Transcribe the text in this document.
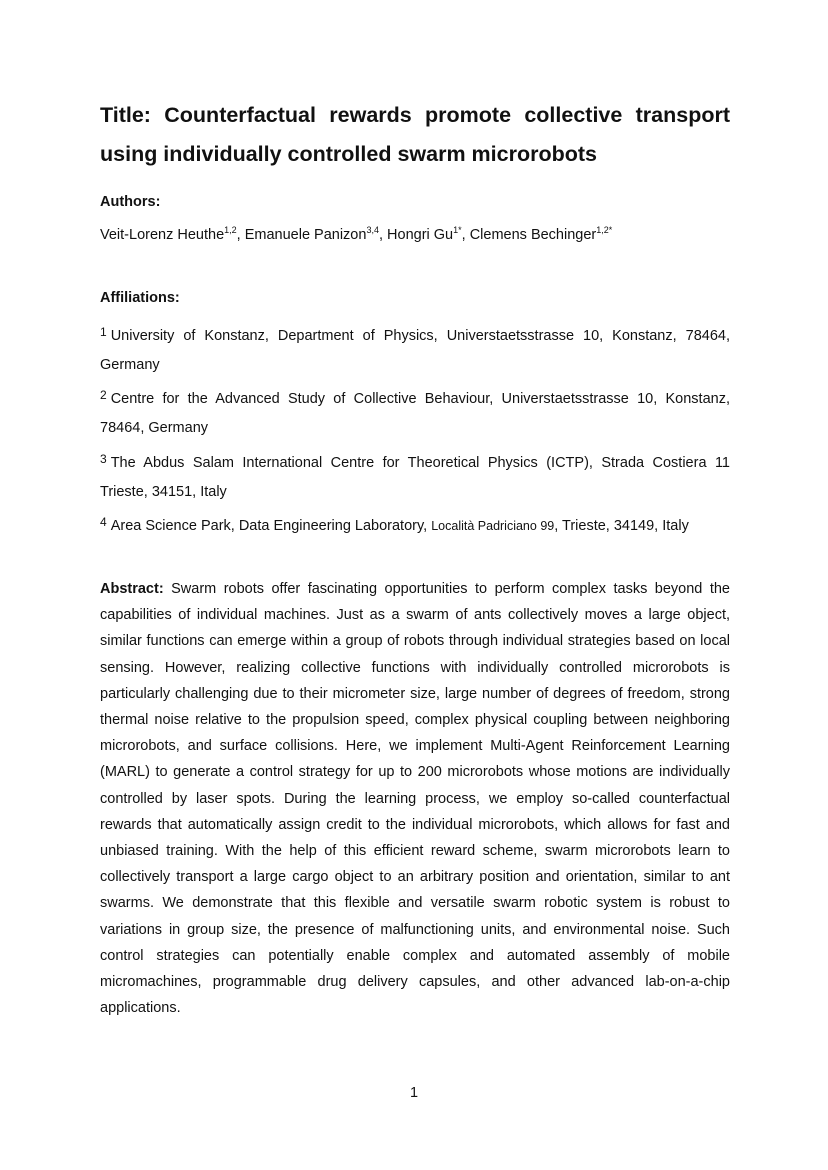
Title: Counterfactual rewards promote collective transport using individually controlled swarm microrobots

Authors:

Veit-Lorenz Heuthe$^{1,2}$, Emanuele Panizon$^{3,4}$, Hongri $Gu^{1*}$, Clemens Bechinger$^{1,2*}$

Affiliations:

$^1$ University of Konstanz, Department of Physics, Universtaetsstrasse 10, Konstanz, 78464, Germany

$^2$ Centre for the Advanced Study of Collective Behaviour, Universtaetsstrasse 10, Konstanz, 78464, Germany

$^3$ The Abdus Salam International Centre for Theoretical Physics (ICTP), Strada Costiera 11 Trieste, 34151, Italy

$^4$ Area Science Park, Data Engineering Laboratory, Località Padriciano 99, Trieste, 34149, Italy

Abstract: Swarm robots offer fascinating opportunities to perform complex tasks beyond the capabilities of individual machines. Just as a swarm of ants collectively moves a large object, similar functions can emerge within a group of robots through individual strategies based on local sensing. However, realizing collective functions with individually controlled microrobots is particularly challenging due to their micrometer size, large number of degrees of freedom, strong thermal noise relative to the propulsion speed, complex physical coupling between neighboring microrobots, and surface collisions. Here, we implement Multi-Agent Reinforcement Learning (MARL) to generate a control strategy for up to 200 microrobots whose motions are individually controlled by laser spots. During the learning process, we employ so-called counterfactual rewards that automatically assign credit to the individual microrobots, which allows for fast and unbiased training. With the help of this efficient reward scheme, swarm microrobots learn to collectively transport a large cargo object to an arbitrary position and orientation, similar to ant swarms. We demonstrate that this flexible and versatile swarm robotic system is robust to variations in group size, the presence of malfunctioning units, and environmental noise. Such control strategies can potentially enable complex and automated assembly of mobile micromachines, programmable drug delivery capsules, and other advanced lab-on-a-chip applications.

1
